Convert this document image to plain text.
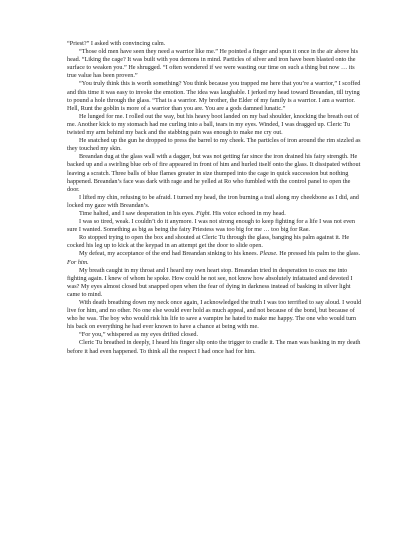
“Priest?” I asked with convincing calm.

“Those old men have seen they need a warrior like me.” He pointed a finger and spun it once in the air above his head. “Liking the cage? It was built with you demons in mind. Particles of silver and iron have been blasted onto the surface to weaken you.” He shrugged. “I often wondered if we were wasting our time on such a thing but now … its true value has been proven.”

“You truly think this is worth something? You think because you trapped me here that you’re a warrior,” I scoffed and this time it was easy to invoke the emotion. The idea was laughable. I jerked my head toward Breandan, till trying to pound a hole through the glass. “That is a warrior. My brother, the Elder of my family is a warrior. I am a warrior. Hell, Runt the goblin is more of a warrior than you are. You are a gods damned lunatic.”

He lunged for me. I rolled out the way, but his heavy boot landed on my bad shoulder, knocking the breath out of me. Another kick to my stomach had me curling into a ball, tears in my eyes. Winded, I was dragged up. Cleric Tu twisted my arm behind my back and the stabbing pain was enough to make me cry out.

He snatched up the gun he dropped to press the barrel to my cheek. The particles of iron around the rim sizzled as they touched my skin.

Breandan dug at the glass wall with a dagger, but was not getting far since the iron drained his fairy strength. He backed up and a swirling blue orb of fire appeared in front of him and hurled itself onto the glass. It dissipated without leaving a scratch. Three balls of blue flames greater in size thumped into the cage in quick succession but nothing happened. Breandan’s face was dark with rage and he yelled at Ro who fumbled with the control panel to open the door.

I lifted my chin, refusing to be afraid. I turned my head, the iron burning a trail along my cheekbone as I did, and locked my gaze with Breandan’s.

Time halted, and I saw desperation in his eyes. Fight. His voice echoed in my head.

I was so tired, weak. I couldn’t do it anymore. I was not strong enough to keep fighting for a life I was not even sure I wanted. Something as big as being the fairy Priestess was too big for me … too big for Rae.

Ro stopped trying to open the box and shouted at Cleric Tu through the glass, banging his palm against it. He cocked his leg up to kick at the keypad in an attempt get the door to slide open.

My defeat, my acceptance of the end had Breandan sinking to his knees. Please. He pressed his palm to the glass. For him.

My breath caught in my throat and I heard my own heart stop. Breandan tried in desperation to coax me into fighting again. I knew of whom he spoke. How could he not see, not know how absolutely infatuated and devoted I was? My eyes almost closed but snapped open when the fear of dying in darkness instead of basking in silver light came to mind.

With death breathing down my neck once again, I acknowledged the truth I was too terrified to say aloud. I would live for him, and no other. No one else would ever hold as much appeal, and not because of the bond, but because of who he was. The boy who would risk his life to save a vampire he hated to make me happy. The one who would turn his back on everything he had ever known to have a chance at being with me.

“For you,” whispered as my eyes drifted closed.

Cleric Tu breathed in deeply, I heard his finger slip onto the trigger to cradle it. The man was basking in my death before it had even happened. To think all the respect I had once had for him.
